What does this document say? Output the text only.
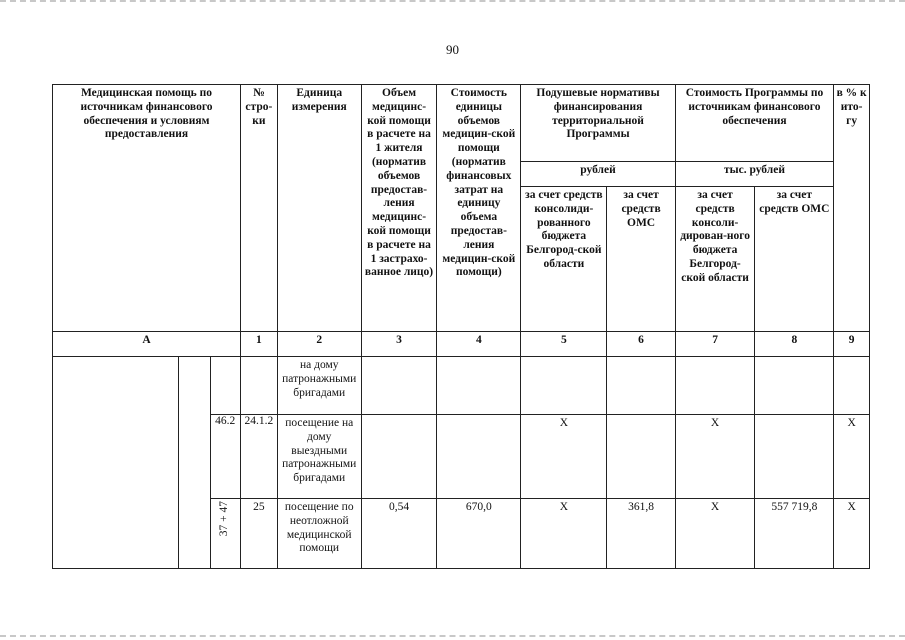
90
Медицинская помощь по источникам финансового обеспечения и условиям предоставления			№ стро-ки	Единица измерения	Объем медицинс-кой помощи в расчете на 1 жителя (норматив объемов предостав-ления медицинс-кой помощи в расчете на 1 застрахо-ванное лицо)	Стоимость единицы объемов медицин-ской помощи (норматив финансовых затрат на единицу объема предостав-ления медицин-ской помощи)	Подушевые нормативы финансирования территориальной Программы		Стоимость Программы по источникам финансового обеспечения		в % к ито-гу
							рублей		тыс. рублей		
							за счет средств консолиди-рованного бюджета Белгород-ской области	за счет средств ОМС	за счет средств консоли-дирован-ного бюджета Белгород-ской области	за счет средств ОМС	
А			1	2	3	4	5	6	7	8	9
				на дому патронажными бригадами							
		46.2	24.1.2	посещение на дому выездными патронажными бригадами			Х		Х		Х
		37 + 47	25	посещение по неотложной медицинской помощи	0,54	670,0	Х	361,8	Х	557 719,8	Х
